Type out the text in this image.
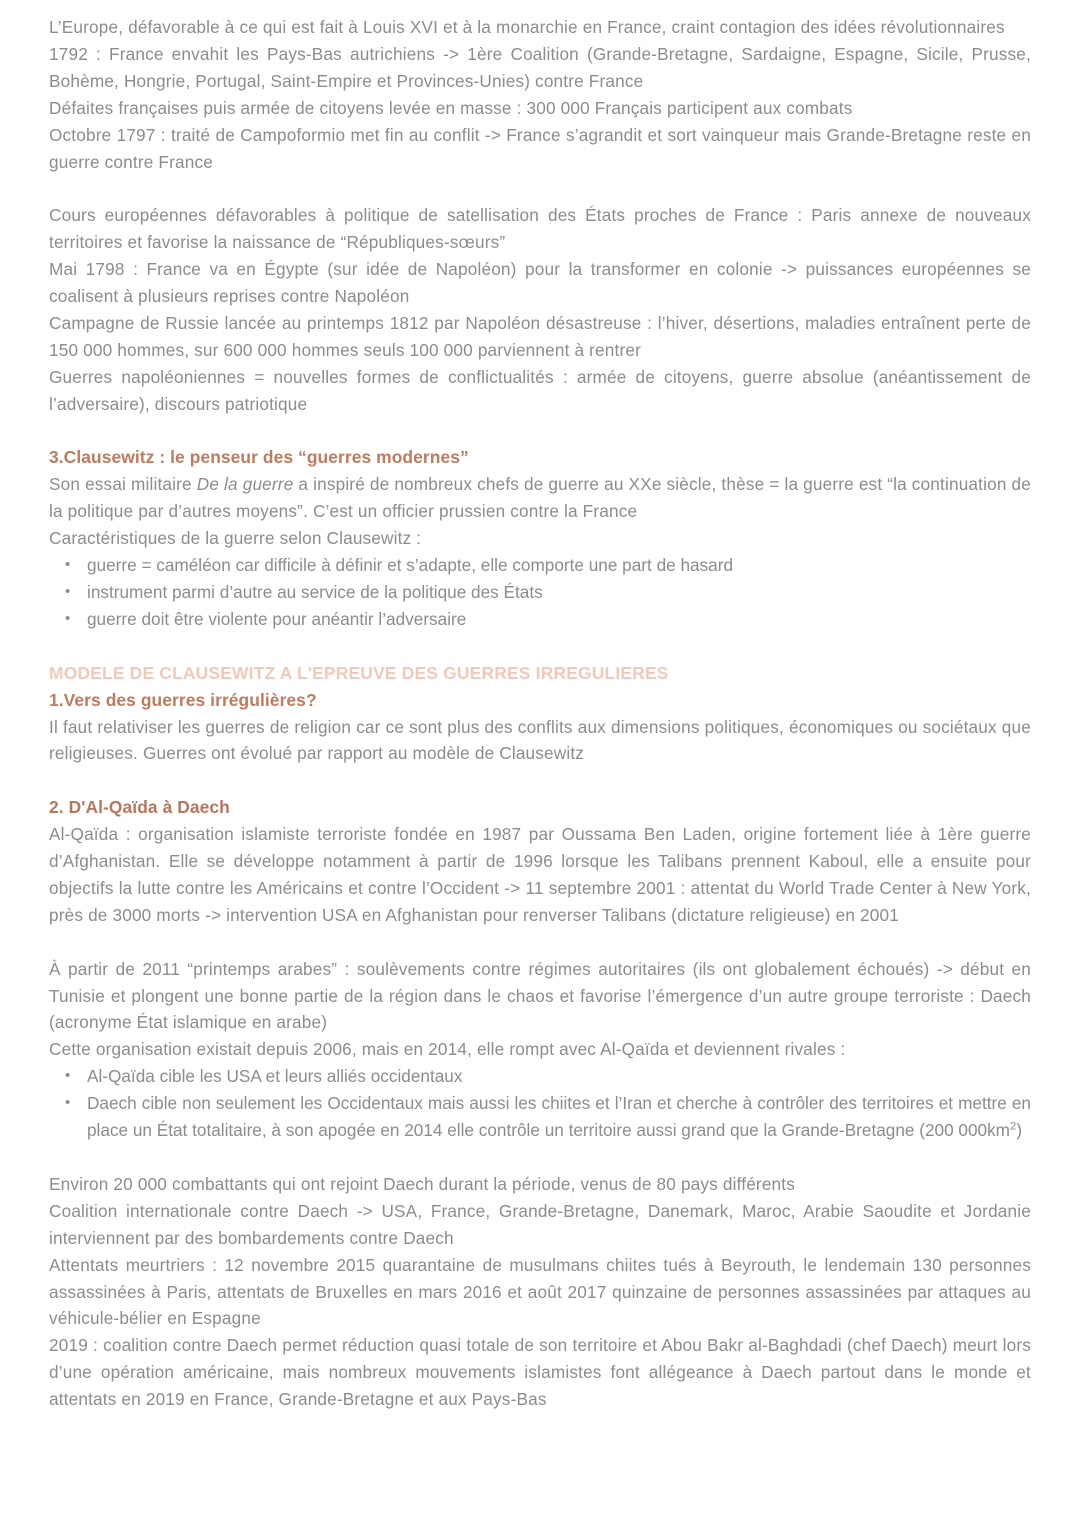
L’Europe, défavorable à ce qui est fait à Louis XVI et à la monarchie en France, craint contagion des idées révolutionnaires
1792 : France envahit les Pays-Bas autrichiens -> 1ère Coalition (Grande-Bretagne, Sardaigne, Espagne, Sicile, Prusse, Bohème, Hongrie, Portugal, Saint-Empire et Provinces-Unies) contre France
Défaites françaises puis armée de citoyens levée en masse : 300 000 Français participent aux combats
Octobre 1797 : traité de Campoformio met fin au conflit -> France s’agrandit et sort vainqueur mais Grande-Bretagne reste en guerre contre France
Cours européennes défavorables à politique de satellisation des États proches de France : Paris annexe de nouveaux territoires et favorise la naissance de “Républiques-sœurs”
Mai 1798 : France va en Égypte (sur idée de Napoléon) pour la transformer en colonie -> puissances européennes se coalisent à plusieurs reprises contre Napoléon
Campagne de Russie lancée au printemps 1812 par Napoléon désastreuse : l’hiver, désertions, maladies entraînent perte de 150 000 hommes, sur 600 000 hommes seuls 100 000 parviennent à rentrer
Guerres napoléoniennes = nouvelles formes de conflictualités : armée de citoyens, guerre absolue (anéantissement de l’adversaire), discours patriotique
3.Clausewitz : le penseur des “guerres modernes”
Son essai militaire De la guerre a inspiré de nombreux chefs de guerre au XXe siècle, thèse = la guerre est “la continuation de la politique par d’autres moyens”. C’est un officier prussien contre la France
Caractéristiques de la guerre selon Clausewitz :
• guerre = caméléon car difficile à définir et s’adapte, elle comporte une part de hasard
• instrument parmi d’autre au service de la politique des États
• guerre doit être violente pour anéantir l’adversaire
MODELE DE CLAUSEWITZ A L'EPREUVE DES GUERRES IRREGULIERES
1.Vers des guerres irrégulières?
Il faut relativiser les guerres de religion car ce sont plus des conflits aux dimensions politiques, économiques ou sociétaux que religieuses. Guerres ont évolué par rapport au modèle de Clausewitz
2. D'Al-Qaïda à Daech
Al-Qaïda : organisation islamiste terroriste fondée en 1987 par Oussama Ben Laden, origine fortement liée à 1ère guerre d’Afghanistan. Elle se développe notamment à partir de 1996 lorsque les Talibans prennent Kaboul, elle a ensuite pour objectifs la lutte contre les Américains et contre l’Occident -> 11 septembre 2001 : attentat du World Trade Center à New York, près de 3000 morts -> intervention USA en Afghanistan pour renverser Talibans (dictature religieuse) en 2001
À partir de 2011 “printemps arabes” : soulèvements contre régimes autoritaires (ils ont globalement échoués) -> début en Tunisie et plongent une bonne partie de la région dans le chaos et favorise l’émergence d’un autre groupe terroriste : Daech (acronyme État islamique en arabe)
Cette organisation existait depuis 2006, mais en 2014, elle rompt avec Al-Qaïda et deviennent rivales :
• Al-Qaïda cible les USA et leurs alliés occidentaux
• Daech cible non seulement les Occidentaux mais aussi les chiites et l’Iran et cherche à contrôler des territoires et mettre en place un État totalitaire, à son apogée en 2014 elle contrôle un territoire aussi grand que la Grande-Bretagne (200 $000km^2$)
Environ 20 000 combattants qui ont rejoint Daech durant la période, venus de 80 pays différents
Coalition internationale contre Daech -> USA, France, Grande-Bretagne, Danemark, Maroc, Arabie Saoudite et Jordanie interviennent par des bombardements contre Daech
Attentats meurtriers : 12 novembre 2015 quarantaine de musulmans chiites tués à Beyrouth, le lendemain 130 personnes assassinées à Paris, attentats de Bruxelles en mars 2016 et août 2017 quinzaine de personnes assassinées par attaques au véhicule-bélier en Espagne
2019 : coalition contre Daech permet réduction quasi totale de son territoire et Abou Bakr al-Baghdadi (chef Daech) meurt lors d’une opération américaine, mais nombreux mouvements islamistes font allégeance à Daech partout dans le monde et attentats en 2019 en France, Grande-Bretagne et aux Pays-Bas
